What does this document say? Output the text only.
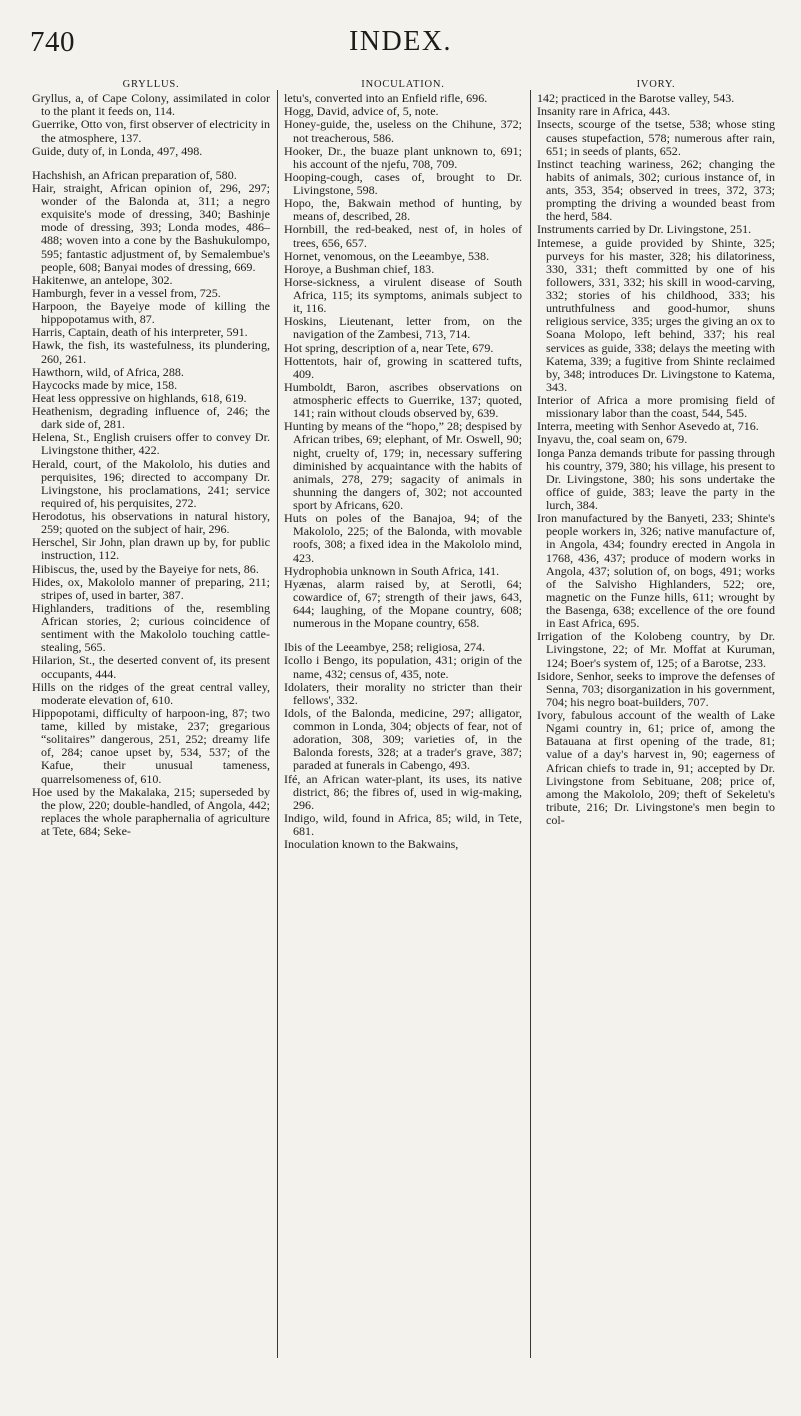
740	INDEX.
GRYLLUS.

Gryllus, a, of Cape Colony, assimilated in color to the plant it feeds on, 114.

Guerrike, Otto von, first observer of electricity in the atmosphere, 137.

Guide, duty of, in Londa, 497, 498.

Hachshish, an African preparation of, 580.

Hair, straight, African opinion of, 296, 297; wonder of the Balonda at, 311; a negro exquisite's mode of dressing, 340; Bashinje mode of dressing, 393; Londa modes, 486–488; woven into a cone by the Bashukulompo, 595; fantastic adjustment of, by Semalembue's people, 608; Banyai modes of dressing, 669.

Hakitenwe, an antelope, 302.

Hamburgh, fever in a vessel from, 725.

Harpoon, the Bayeiye mode of killing the hippopotamus with, 87.

Harris, Captain, death of his interpreter, 591.

Hawk, the fish, its wastefulness, its plundering, 260, 261.

Hawthorn, wild, of Africa, 288.

Haycocks made by mice, 158.

Heat less oppressive on highlands, 618, 619.

Heathenism, degrading influence of, 246; the dark side of, 281.

Helena, St., English cruisers offer to convey Dr. Livingstone thither, 422.

Herald, court, of the Makololo, his duties and perquisites, 196; directed to accompany Dr. Livingstone, his proclamations, 241; service required of, his perquisites, 272.

Herodotus, his observations in natural history, 259; quoted on the subject of hair, 296.

Herschel, Sir John, plan drawn up by, for public instruction, 112.

Hibiscus, the, used by the Bayeiye for nets, 86.

Hides, ox, Makololo manner of preparing, 211; stripes of, used in barter, 387.

Highlanders, traditions of the, resembling African stories, 2; curious coincidence of sentiment with the Makololo touching cattle-stealing, 565.

Hilarion, St., the deserted convent of, its present occupants, 444.

Hills on the ridges of the great central valley, moderate elevation of, 610.

Hippopotami, difficulty of harpoon-ing, 87; two tame, killed by mistake, 237; gregarious “solitaires” dangerous, 251, 252; dreamy life of, 284; canoe upset by, 534, 537; of the Kafue, their unusual tameness, quarrelsomeness of, 610.

Hoe used by the Makalaka, 215; superseded by the plow, 220; double-handled, of Angola, 442; replaces the whole paraphernalia of agriculture at Tete, 684; Seke-

INOCULATION.

letu's, converted into an Enfield rifle, 696.

Hogg, David, advice of, 5, note.

Honey-guide, the, useless on the Chihune, 372; not treacherous, 586.

Hooker, Dr., the buaze plant unknown to, 691; his account of the njefu, 708, 709.

Hooping-cough, cases of, brought to Dr. Livingstone, 598.

Hopo, the, Bakwain method of hunting, by means of, described, 28.

Hornbill, the red-beaked, nest of, in holes of trees, 656, 657.

Hornet, venomous, on the Leeambye, 538.

Horoye, a Bushman chief, 183.

Horse-sickness, a virulent disease of South Africa, 115; its symptoms, animals subject to it, 116.

Hoskins, Lieutenant, letter from, on the navigation of the Zambesi, 713, 714.

Hot spring, description of a, near Tete, 679.

Hottentots, hair of, growing in scattered tufts, 409.

Humboldt, Baron, ascribes observations on atmospheric effects to Guerrike, 137; quoted, 141; rain without clouds observed by, 639.

Hunting by means of the “hopo,” 28; despised by African tribes, 69; elephant, of Mr. Oswell, 90; night, cruelty of, 179; in, necessary suffering diminished by acquaintance with the habits of animals, 278, 279; sagacity of animals in shunning the dangers of, 302; not accounted sport by Africans, 620.

Huts on poles of the Banajoa, 94; of the Makololo, 225; of the Balonda, with movable roofs, 308; a fixed idea in the Makololo mind, 423.

Hydrophobia unknown in South Africa, 141.

Hyænas, alarm raised by, at Serotli, 64; cowardice of, 67; strength of their jaws, 643, 644; laughing, of the Mopane country, 608; numerous in the Mopane country, 658.

Ibis of the Leeambye, 258; religiosa, 274.

Icollo i Bengo, its population, 431; origin of the name, 432; census of, 435, note.

Idolaters, their morality no stricter than their fellows', 332.

Idols, of the Balonda, medicine, 297; alligator, common in Londa, 304; objects of fear, not of adoration, 308, 309; varieties of, in the Balonda forests, 328; at a trader's grave, 387; paraded at funerals in Cabengo, 493.

Ifé, an African water-plant, its uses, its native district, 86; the fibres of, used in wig-making, 296.

Indigo, wild, found in Africa, 85; wild, in Tete, 681.

Inoculation known to the Bakwains,

IVORY.

142; practiced in the Barotse valley, 543.

Insanity rare in Africa, 443.

Insects, scourge of the tsetse, 538; whose sting causes stupefaction, 578; numerous after rain, 651; in seeds of plants, 652.

Instinct teaching wariness, 262; changing the habits of animals, 302; curious instance of, in ants, 353, 354; observed in trees, 372, 373; prompting the driving a wounded beast from the herd, 584.

Instruments carried by Dr. Livingstone, 251.

Intemese, a guide provided by Shinte, 325; purveys for his master, 328; his dilatoriness, 330, 331; theft committed by one of his followers, 331, 332; his skill in wood-carving, 332; stories of his childhood, 333; his untruthfulness and good-humor, shuns religious service, 335; urges the giving an ox to Soana Molopo, left behind, 337; his real services as guide, 338; delays the meeting with Katema, 339; a fugitive from Shinte reclaimed by, 348; introduces Dr. Livingstone to Katema, 343.

Interior of Africa a more promising field of missionary labor than the coast, 544, 545.

Interra, meeting with Senhor Asevedo at, 716.

Inyavu, the, coal seam on, 679.

Ionga Panza demands tribute for passing through his country, 379, 380; his village, his present to Dr. Livingstone, 380; his sons undertake the office of guide, 383; leave the party in the lurch, 384.

Iron manufactured by the Banyeti, 233; Shinte's people workers in, 326; native manufacture of, in Angola, 434; foundry erected in Angola in 1768, 436, 437; produce of modern works in Angola, 437; solution of, on bogs, 491; works of the Salvisho Highlanders, 522; ore, magnetic on the Funze hills, 611; wrought by the Basenga, 638; excellence of the ore found in East Africa, 695.

Irrigation of the Kolobeng country, by Dr. Livingstone, 22; of Mr. Moffat at Kuruman, 124; Boer's system of, 125; of a Barotse, 233.

Isidore, Senhor, seeks to improve the defenses of Senna, 703; disorganization in his government, 704; his negro boat-builders, 707.

Ivory, fabulous account of the wealth of Lake Ngami country in, 61; price of, among the Batauana at first opening of the trade, 81; value of a day's harvest in, 90; eagerness of African chiefs to trade in, 91; accepted by Dr. Livingstone from Sebituane, 208; price of, among the Makololo, 209; theft of Sekeletu's tribute, 216; Dr. Livingstone's men begin to col-
